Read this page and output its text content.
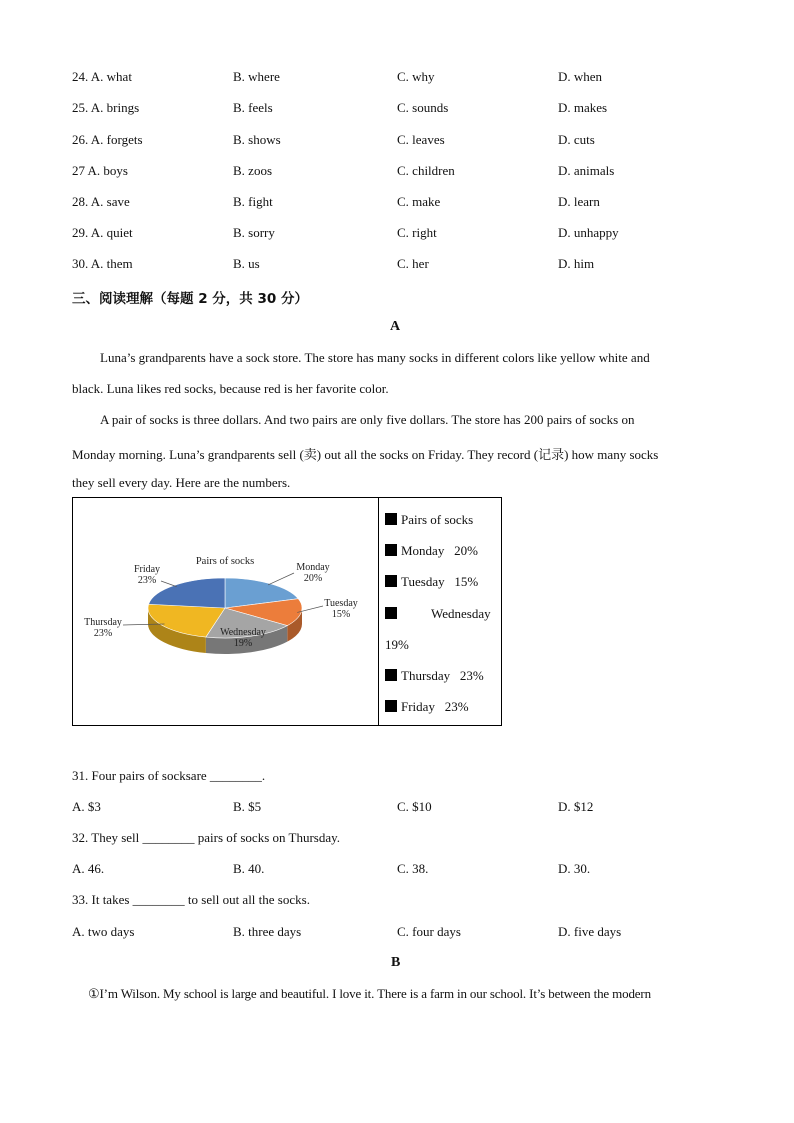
24. A. what	B. where	C. why	D. when
25. A. brings	B. feels	C. sounds	D. makes
26. A. forgets	B. shows	C. leaves	D. cuts
27 A. boys	B. zoos	C. children	D. animals
28. A. save	B. fight	C. make	D. learn
29. A. quiet	B. sorry	C. right	D. unhappy
30. A. them	B. us	C. her	D. him
三、阅读理解（每题 2 分，共 30 分）
A
Luna’s grandparents have a sock store. The store has many socks in different colors like yellow white and
black. Luna likes red socks, because red is her favorite color.
A pair of socks is three dollars. And two pairs are only five dollars. The store has 200 pairs of socks on
Monday morning. Luna’s grandparents sell (卖) out all the socks on Friday. They record (记录) how many socks
they sell every day. Here are the numbers.
Monday
20%
Tuesday
15%
Wednesday
19%
Thursday
23%
Friday
23%
Pairs of socks
Pairs of socks
Monday   20%
Tuesday   15%
Wednesday
19%
Thursday   23%
Friday   23%
31. Four pairs of socksare ________.
A. $3	B. $5	C. $10	D. $12
32. They sell ________ pairs of socks on Thursday.
A. 46.	B. 40.	C. 38.	D. 30.
33. It takes ________ to sell out all the socks.
A. two days	B. three days	C. four days	D. five days
B
①I’m Wilson. My school is large and beautiful. I love it. There is a farm in our school. It’s between the modern
